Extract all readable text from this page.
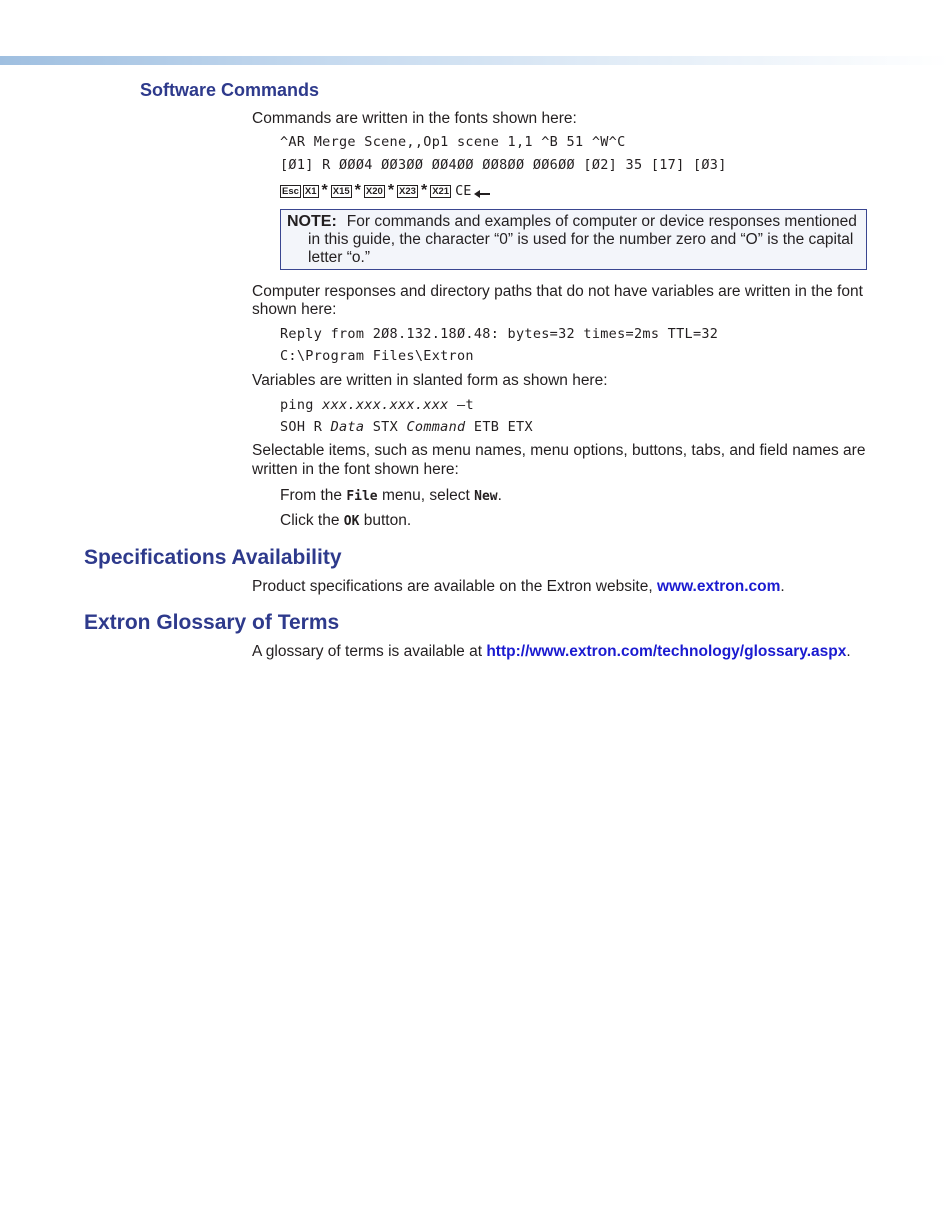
Software Commands
Commands are written in the fonts shown here:
^AR Merge Scene,,Op1 scene 1,1 ^B 51 ^W^C
[Ø1] R ØØØ4 ØØ3ØØ ØØ4ØØ ØØ8ØØ ØØ6ØØ [Ø2] 35 [17] [Ø3]
Esc X1 * X15 * X20 * X23 * X21 CE
NOTE: For commands and examples of computer or device responses mentioned
in this guide, the character “0” is used for the number zero and “O” is the capital
letter “o.”
Computer responses and directory paths that do not have variables are written in the font
shown here:
Reply from 2Ø8.132.18Ø.48: bytes=32 times=2ms TTL=32
C:\Program Files\Extron
Variables are written in slanted form as shown here:
ping xxx.xxx.xxx.xxx —t
SOH R Data STX Command ETB ETX
Selectable items, such as menu names, menu options, buttons, tabs, and field names are
written in the font shown here:
From the File menu, select New.
Click the OK button.
Specifications Availability
Product specifications are available on the Extron website, www.extron.com.
Extron Glossary of Terms
A glossary of terms is available at http://www.extron.com/technology/glossary.aspx.
